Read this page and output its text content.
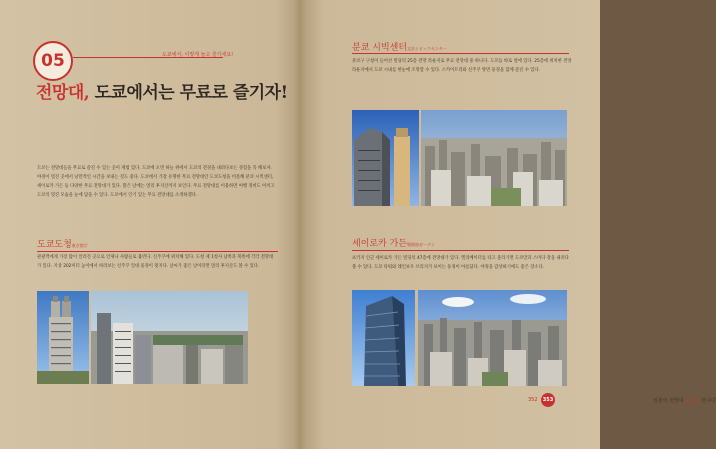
05	도쿄에서, 이렇게 놀고 즐기세요!
전망대, 도쿄에서는 무료로 즐기자!

도쿄는 전망대들을 무료로 즐길 수 있는 곳이 제법 있다. 도쿄에 오면 하늘 위에서 도쿄의 전경을 내려다보는 경험을 꼭 해보자. 야경이 멋진 곳에서 낭만적인 시간을 보내는 것도 좋다. 도쿄에서 가장 유명한 무료 전망대인 도쿄도청을 비롯해 분쿄 시빅센터, 세이로카 가든 등 다양한 무료 전망대가 있다. 맑은 날에는 멀리 후지산까지 보인다. 무료 전망대를 이용하면 여행 경비도 아끼고 도쿄의 멋진 모습을 눈에 담을 수 있다. 도쿄에서 인기 있는 무료 전망대를 소개하겠다.

도쿄도청東京都庁

관광객에게 가장 많이 알려진 곳으로 언제나 사람들로 붐빈다. 신주쿠에 위치해 있다. 도청 제 1청사 남쪽과 북쪽에 각각 전망대가 있다. 지상 202미터 높이에서 바라보는 신주쿠 일대 풍경이 멋지다. 날씨가 좋은 날이라면 멀리 후지산도 볼 수 있다.

분쿄 시빅센터文京シビックセンター

분쿄구 구청이 들어선 빌딩의 25층 전망 라운지로 무료 전망대 중 하나다. 도쿄돔 바로 옆에 있다. 25층에 위치한 전망 라운지에서 도쿄 시내를 한눈에 조망할 수 있다. 스카이트리와 신주쿠 방면 풍경을 함께 즐길 수 있다.

세이로카 가든聖路加ガーデン

츠키지 인근 세이로카 가든 빌딩의 47층에 전망대가 있다. 엘리베이터를 타고 올라가면 도쿄만과 스미다 강을 내려다볼 수 있다. 도쿄 타워와 레인보우 브리지가 보이는 풍경이 아름답다. 야경을 감상하기에도 좋은 장소다.

일본의 전망대 도쿄를 만나다
352 353
